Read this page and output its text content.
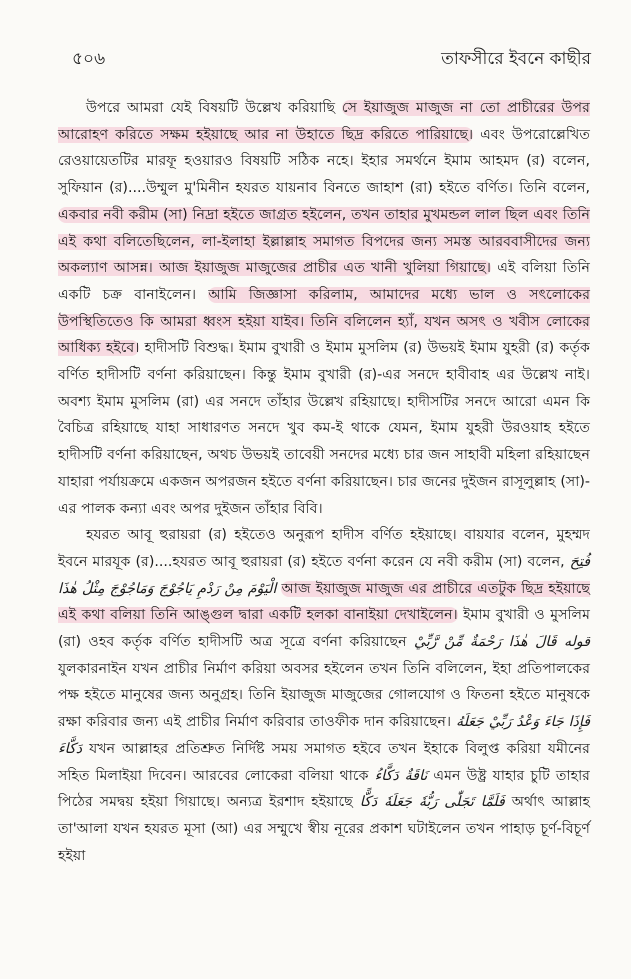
৫০৬	তাফসীরে ইবনে কাছীর

উপরে আমরা যেই বিষয়টি উল্লেখ করিয়াছি সে ইয়াজুজ মাজুজ না তো প্রাচীরের উপর আরোহণ করিতে সক্ষম হইয়াছে আর না উহাতে ছিদ্র করিতে পারিয়াছে। এবং উপরোল্লেখিত রেওয়ায়েতটির মারফূ হওয়ারও বিষয়টি সঠিক নহে। ইহার সমর্থনে ইমাম আহমদ (র) বলেন, সুফিয়ান (র)....উম্মুল মু'মিনীন হযরত যায়নাব বিনতে জাহাশ (রা) হইতে বর্ণিত। তিনি বলেন, একবার নবী করীম (সা) নিদ্রা হইতে জাগ্রত হইলেন, তখন তাহার মুখমন্ডল লাল ছিল এবং তিনি এই কথা বলিতেছিলেন, লা-ইলাহা ইল্লাল্লাহ সমাগত বিপদের জন্য সমস্ত আরববাসীদের জন্য অকল্যাণ আসন্ন। আজ ইয়াজুজ মাজুজের প্রাচীর এত খানী খুলিয়া গিয়াছে। এই বলিয়া তিনি একটি চক্র বানাইলেন। আমি জিজ্ঞাসা করিলাম, আমাদের মধ্যে ভাল ও সৎলোকের উপস্থিতিতেও কি আমরা ধ্বংস হইয়া যাইব। তিনি বলিলেন হ্যাঁ, যখন অসৎ ও খবীস লোকের আধিক্য হইবে। হাদীসটি বিশুদ্ধ। ইমাম বুখারী ও ইমাম মুসলিম (র) উভয়ই ইমাম যুহরী (র) কর্তৃক বর্ণিত হাদীসটি বর্ণনা করিয়াছেন। কিন্তু ইমাম বুখারী (র)-এর সনদে হাবীবাহ এর উল্লেখ নাই। অবশ্য ইমাম মুসলিম (রা) এর সনদে তাঁহার উল্লেখ রহিয়াছে। হাদীসটির সনদে আরো এমন কি বৈচিত্র রহিয়াছে যাহা সাধারণত সনদে খুব কম-ই থাকে যেমন, ইমাম যুহরী উরওয়াহ হইতে হাদীসটি বর্ণনা করিয়াছেন, অথচ উভয়ই তাবেয়ী সনদের মধ্যে চার জন সাহাবী মহিলা রহিয়াছেন যাহারা পর্যায়ক্রমে একজন অপরজন হইতে বর্ণনা করিয়াছেন। চার জনের দুইজন রাসূলুল্লাহ (সা)-এর পালক কন্যা এবং অপর দুইজন তাঁহার বিবি।

হযরত আবূ হুরায়রা (র) হইতেও অনুরূপ হাদীস বর্ণিত হইয়াছে। বায়যার বলেন, মুহম্মদ ইবনে মারযূক (র)....হযরত আবূ হুরায়রা (র) হইতে বর্ণনা করেন যে নবী করীম (সা) বলেন, فُتِحَ الْيَوْمَ مِنْ رَدْمِ يَاجُوْجَ وَمَاجُوْجَ مِثْلُ هٰذَا আজ ইয়াজুজ মাজুজ এর প্রাচীরে এতটুক ছিদ্র হইয়াছে এই কথা বলিয়া তিনি আঙ্গুল দ্বারা একটি হলকা বানাইয়া দেখাইলেন। ইমাম বুখারী ও মুসলিম (রা) ওহব কর্তৃক বর্ণিত হাদীসটি অত্র সূত্রে বর্ণনা করিয়াছেন قوله قَالَ هٰذَا رَحْمَةٌ مِّنْ رَّبِّيْ যুলকারনাইন যখন প্রাচীর নির্মাণ করিয়া অবসর হইলেন তখন তিনি বলিলেন, ইহা প্রতিপালকের পক্ষ হইতে মানুষের জন্য অনুগ্রহ। তিনি ইয়াজুজ মাজুজের গোলযোগ ও ফিতনা হইতে মানুষকে রক্ষা করিবার জন্য এই প্রাচীর নির্মাণ করিবার তাওফীক দান করিয়াছেন। فَإِذَا جَاءَ وَعْدُ رَبِّيْ جَعَلَهُ دَكَّاءَ যখন আল্লাহর প্রতিশ্রুত নির্দিষ্ট সময় সমাগত হইবে তখন ইহাকে বিলুপ্ত করিয়া যমীনের সহিত মিলাইয়া দিবেন। আরবের লোকেরা বলিয়া থাকে نَاقَةٌ دَكَّاءُ এমন উষ্ট্র যাহার চুটি তাহার পিঠের সমদ্বয় হইয়া গিয়াছে। অন্যত্র ইরশাদ হইয়াছে فَلَمَّا تَجَلّٰى رَبُّهٗ جَعَلَهٗ دَكًّا অর্থাৎ আল্লাহ তা'আলা যখন হযরত মূসা (আ) এর সম্মুখে স্বীয় নূরের প্রকাশ ঘটাইলেন তখন পাহাড় চূর্ণ-বিচূর্ণ হইয়া
